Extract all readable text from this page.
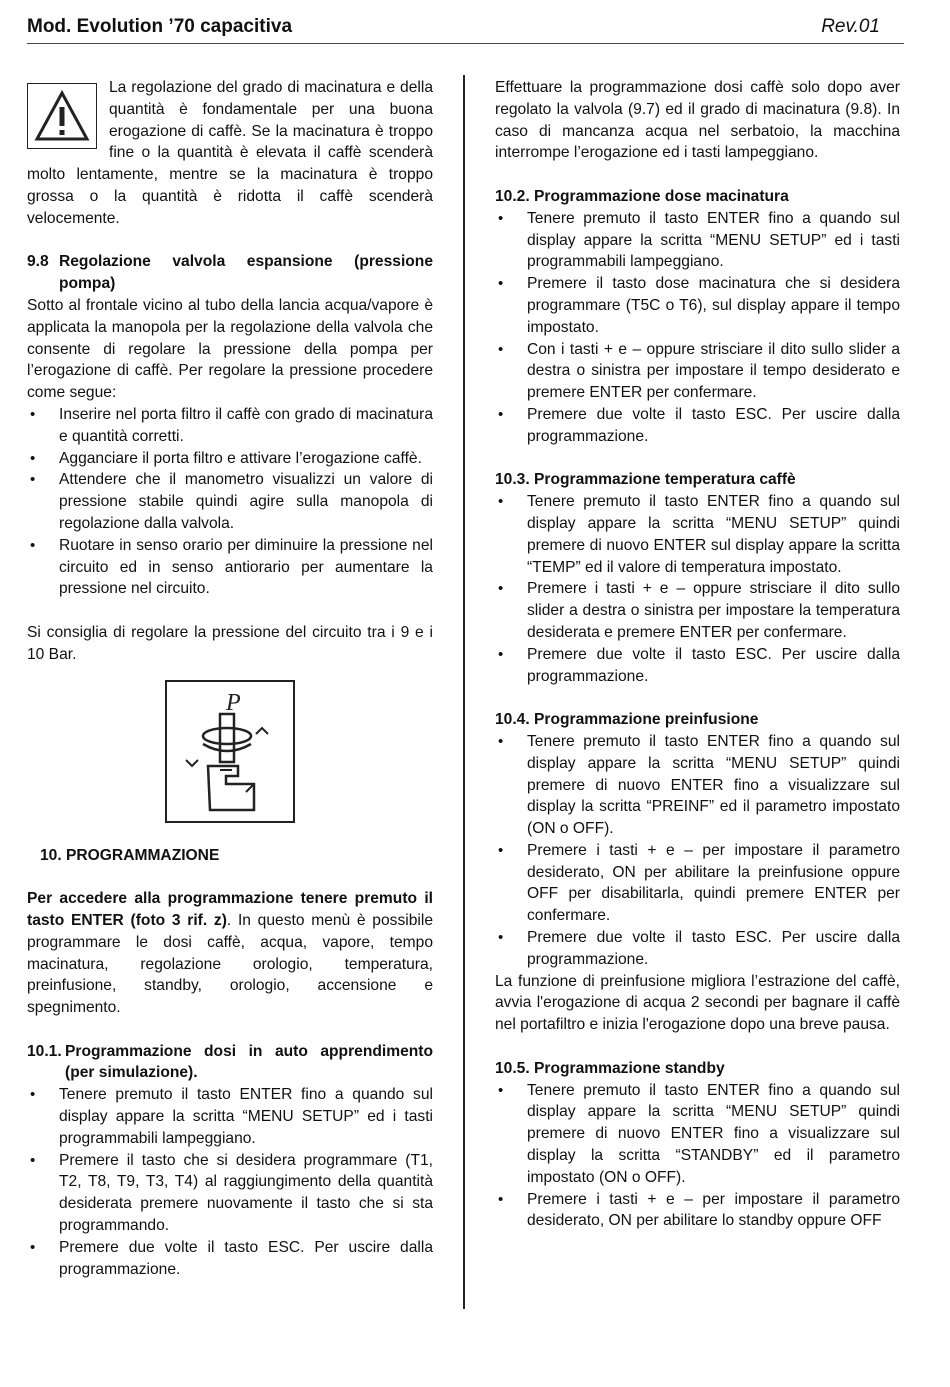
Mod. Evolution ’70 capacitiva	Rev.01

La regolazione del grado di macinatura e della quantità è fondamentale per una buona erogazione di caffè. Se la macinatura è troppo fine o la quantità è elevata il caffè scenderà molto lentamente, mentre se la macinatura è troppo grossa o la quantità è ridotta il caffè scenderà velocemente.

9.8 Regolazione valvola espansione (pressione
pompa)

Sotto al frontale vicino al tubo della lancia acqua/vapore è applicata la manopola per la regolazione della valvola che consente di regolare la pressione della pompa per l’erogazione di caffè. Per regolare la pressione procedere come segue:

• Inserire nel porta filtro il caffè con grado di macinatura e quantità corretti.
• Agganciare il porta filtro e attivare l’erogazione caffè.
• Attendere che il manometro visualizzi un valore di pressione stabile quindi agire sulla manopola di regolazione dalla valvola.
• Ruotare in senso orario per diminuire la pressione nel circuito ed in senso antiorario per aumentare la pressione nel circuito.

Si consiglia di regolare la pressione del circuito tra i 9 e i 10 Bar.

P

10. PROGRAMMAZIONE

Per accedere alla programmazione tenere premuto il tasto ENTER (foto 3 rif. z). In questo menù è possibile programmare le dosi caffè, acqua, vapore, tempo macinatura, regolazione orologio, temperatura, preinfusione, standby, orologio, accensione e spegnimento.

10.1. Programmazione dosi in auto apprendimento
(per simulazione).
• Tenere premuto il tasto ENTER fino a quando sul display appare la scritta “MENU SETUP” ed i tasti programmabili lampeggiano.
• Premere il tasto che si desidera programmare (T1, T2, T8, T9, T3, T4) al raggiungimento della quantità desiderata premere nuovamente il tasto che si sta programmando.
• Premere due volte il tasto ESC. Per uscire dalla programmazione.

Effettuare la programmazione dosi caffè solo dopo aver regolato la valvola (9.7) ed il grado di macinatura (9.8). In caso di mancanza acqua nel serbatoio, la macchina interrompe l’erogazione ed i tasti lampeggiano.

10.2. Programmazione dose macinatura

• Tenere premuto il tasto ENTER fino a quando sul display appare la scritta “MENU SETUP” ed i tasti programmabili lampeggiano.
• Premere il tasto dose macinatura che si desidera programmare (T5C o T6), sul display appare il tempo impostato.
• Con i tasti + e – oppure strisciare il dito sullo slider a destra o sinistra per impostare il tempo desiderato e premere ENTER per confermare.
• Premere due volte il tasto ESC. Per uscire dalla programmazione.

10.3. Programmazione temperatura caffè

• Tenere premuto il tasto ENTER fino a quando sul display appare la scritta “MENU SETUP” quindi premere di nuovo ENTER sul display appare la scritta “TEMP” ed il valore di temperatura impostato.
• Premere i tasti + e – oppure strisciare il dito sullo slider a destra o sinistra per impostare la temperatura desiderata e premere ENTER per confermare.
• Premere due volte il tasto ESC. Per uscire dalla programmazione.

10.4. Programmazione preinfusione

• Tenere premuto il tasto ENTER fino a quando sul display appare la scritta “MENU SETUP” quindi premere di nuovo ENTER fino a visualizzare sul display la scritta “PREINF” ed il parametro impostato (ON o OFF).
• Premere i tasti + e – per impostare il parametro desiderato, ON per abilitare la preinfusione oppure OFF per disabilitarla, quindi premere ENTER per confermare.
• Premere due volte il tasto ESC. Per uscire dalla programmazione.

La funzione di preinfusione migliora l’estrazione del caffè, avvia l'erogazione di acqua 2 secondi per bagnare il caffè nel portafiltro e inizia l'erogazione dopo una breve pausa.

10.5. Programmazione standby

• Tenere premuto il tasto ENTER fino a quando sul display appare la scritta “MENU SETUP” quindi premere di nuovo ENTER fino a visualizzare sul display la scritta “STANDBY” ed il parametro impostato (ON o OFF).
• Premere i tasti + e – per impostare il parametro desiderato, ON per abilitare lo standby oppure OFF
